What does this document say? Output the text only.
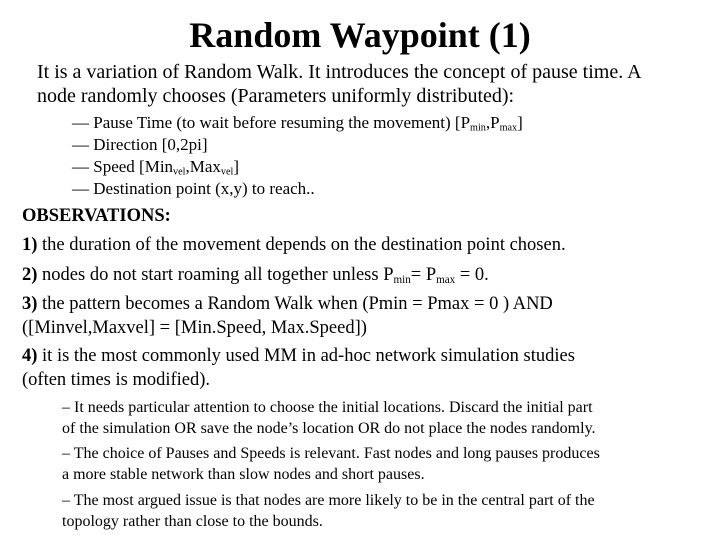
Random Waypoint (1)
It is a variation of Random Walk. It introduces the concept of pause time. A
node randomly chooses (Parameters uniformly distributed):
— Pause Time (to wait before resuming the movement) $[P_{min},P_{max}]$
— Direction [0,2pi]
— Speed [Min$_{vel}$,Max$_{vel}$]
— Destination point (x,y) to reach..
OBSERVATIONS:
1) the duration of the movement depends on the destination point chosen.
2) nodes do not start roaming all together unless $P_{min}= P_{max} = 0$.
3) the pattern becomes a Random Walk when (Pmin = Pmax = 0 ) AND
([Minvel,Maxvel] = [Min.Speed, Max.Speed])
4) it is the most commonly used MM in ad-hoc network simulation studies
(often times is modified).
– It needs particular attention to choose the initial locations. Discard the initial part
of the simulation OR save the node’s location OR do not place the nodes randomly.
– The choice of Pauses and Speeds is relevant. Fast nodes and long pauses produces
a more stable network than slow nodes and short pauses.
– The most argued issue is that nodes are more likely to be in the central part of the
topology rather than close to the bounds.
